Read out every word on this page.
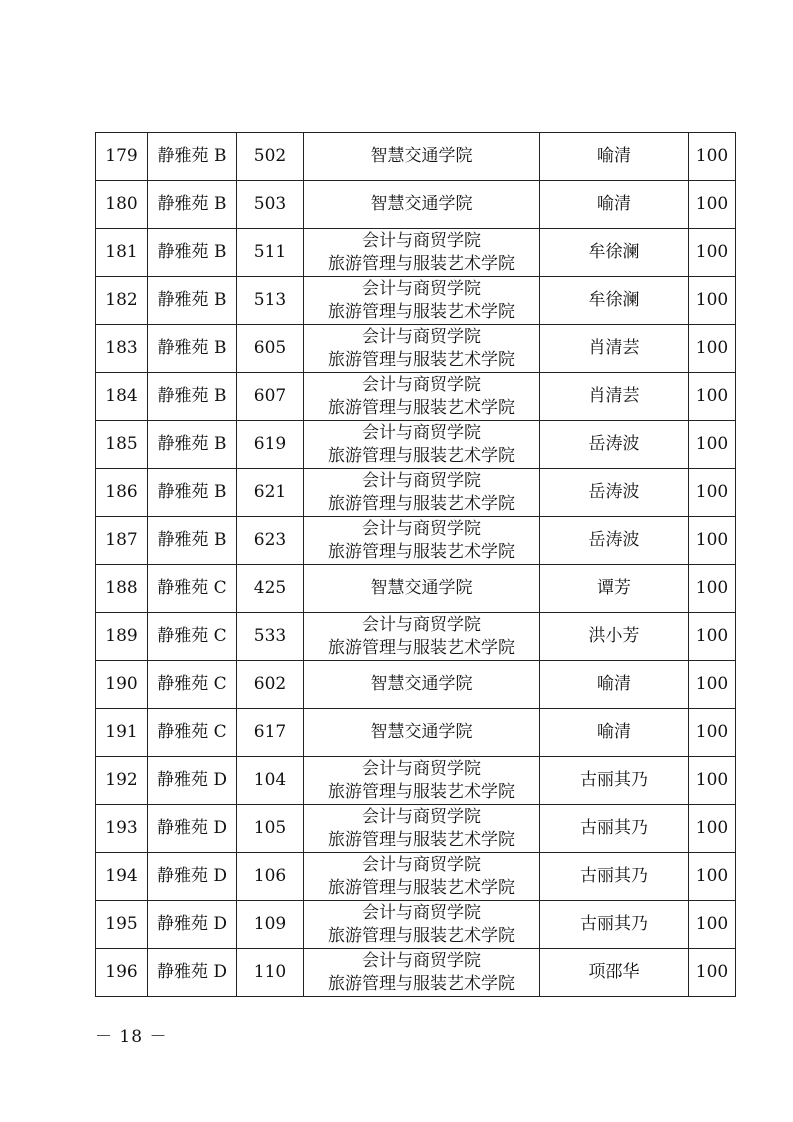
179	静雅苑 B	502	智慧交通学院	喻清	100
180	静雅苑 B	503	智慧交通学院	喻清	100
181	静雅苑 B	511	会计与商贸学院
旅游管理与服装艺术学院	牟徐澜	100
182	静雅苑 B	513	会计与商贸学院
旅游管理与服装艺术学院	牟徐澜	100
183	静雅苑 B	605	会计与商贸学院
旅游管理与服装艺术学院	肖清芸	100
184	静雅苑 B	607	会计与商贸学院
旅游管理与服装艺术学院	肖清芸	100
185	静雅苑 B	619	会计与商贸学院
旅游管理与服装艺术学院	岳涛波	100
186	静雅苑 B	621	会计与商贸学院
旅游管理与服装艺术学院	岳涛波	100
187	静雅苑 B	623	会计与商贸学院
旅游管理与服装艺术学院	岳涛波	100
188	静雅苑 C	425	智慧交通学院	谭芳	100
189	静雅苑 C	533	会计与商贸学院
旅游管理与服装艺术学院	洪小芳	100
190	静雅苑 C	602	智慧交通学院	喻清	100
191	静雅苑 C	617	智慧交通学院	喻清	100
192	静雅苑 D	104	会计与商贸学院
旅游管理与服装艺术学院	古丽其乃	100
193	静雅苑 D	105	会计与商贸学院
旅游管理与服装艺术学院	古丽其乃	100
194	静雅苑 D	106	会计与商贸学院
旅游管理与服装艺术学院	古丽其乃	100
195	静雅苑 D	109	会计与商贸学院
旅游管理与服装艺术学院	古丽其乃	100
196	静雅苑 D	110	会计与商贸学院
旅游管理与服装艺术学院	项邵华	100
－ 18 －
